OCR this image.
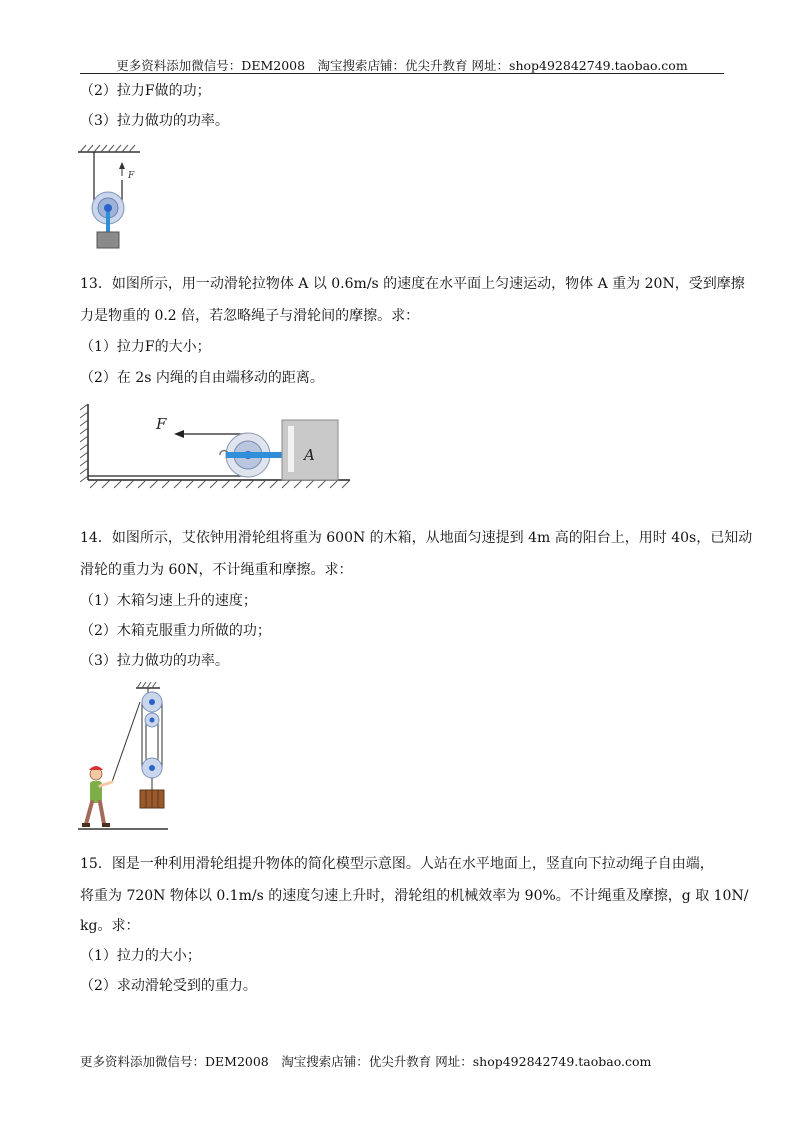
更多资料添加微信号：DEM2008　淘宝搜索店铺：优尖升教育 网址：shop492842749.taobao.com
（2）拉力F做的功；
（3）拉力做功的功率。
F
13．如图所示，用一动滑轮拉物体 A 以 0.6m/s 的速度在水平面上匀速运动，物体 A 重为 20N，受到摩擦
力是物重的 0.2 倍，若忽略绳子与滑轮间的摩擦。求：
（1）拉力F的大小；
（2）在 2s 内绳的自由端移动的距离。
F
A
14．如图所示，艾依钟用滑轮组将重为 600N 的木箱，从地面匀速提到 4m 高的阳台上，用时 40s，已知动
滑轮的重力为 60N，不计绳重和摩擦。求：
（1）木箱匀速上升的速度；
（2）木箱克服重力所做的功；
（3）拉力做功的功率。
15．图是一种利用滑轮组提升物体的简化模型示意图。人站在水平地面上，竖直向下拉动绳子自由端，
将重为 720N 物体以 0.1m/s 的速度匀速上升时，滑轮组的机械效率为 90%。不计绳重及摩擦，g 取 10N/
kg。求：
（1）拉力的大小；
（2）求动滑轮受到的重力。
更多资料添加微信号：DEM2008　淘宝搜索店铺：优尖升教育 网址：shop492842749.taobao.com
